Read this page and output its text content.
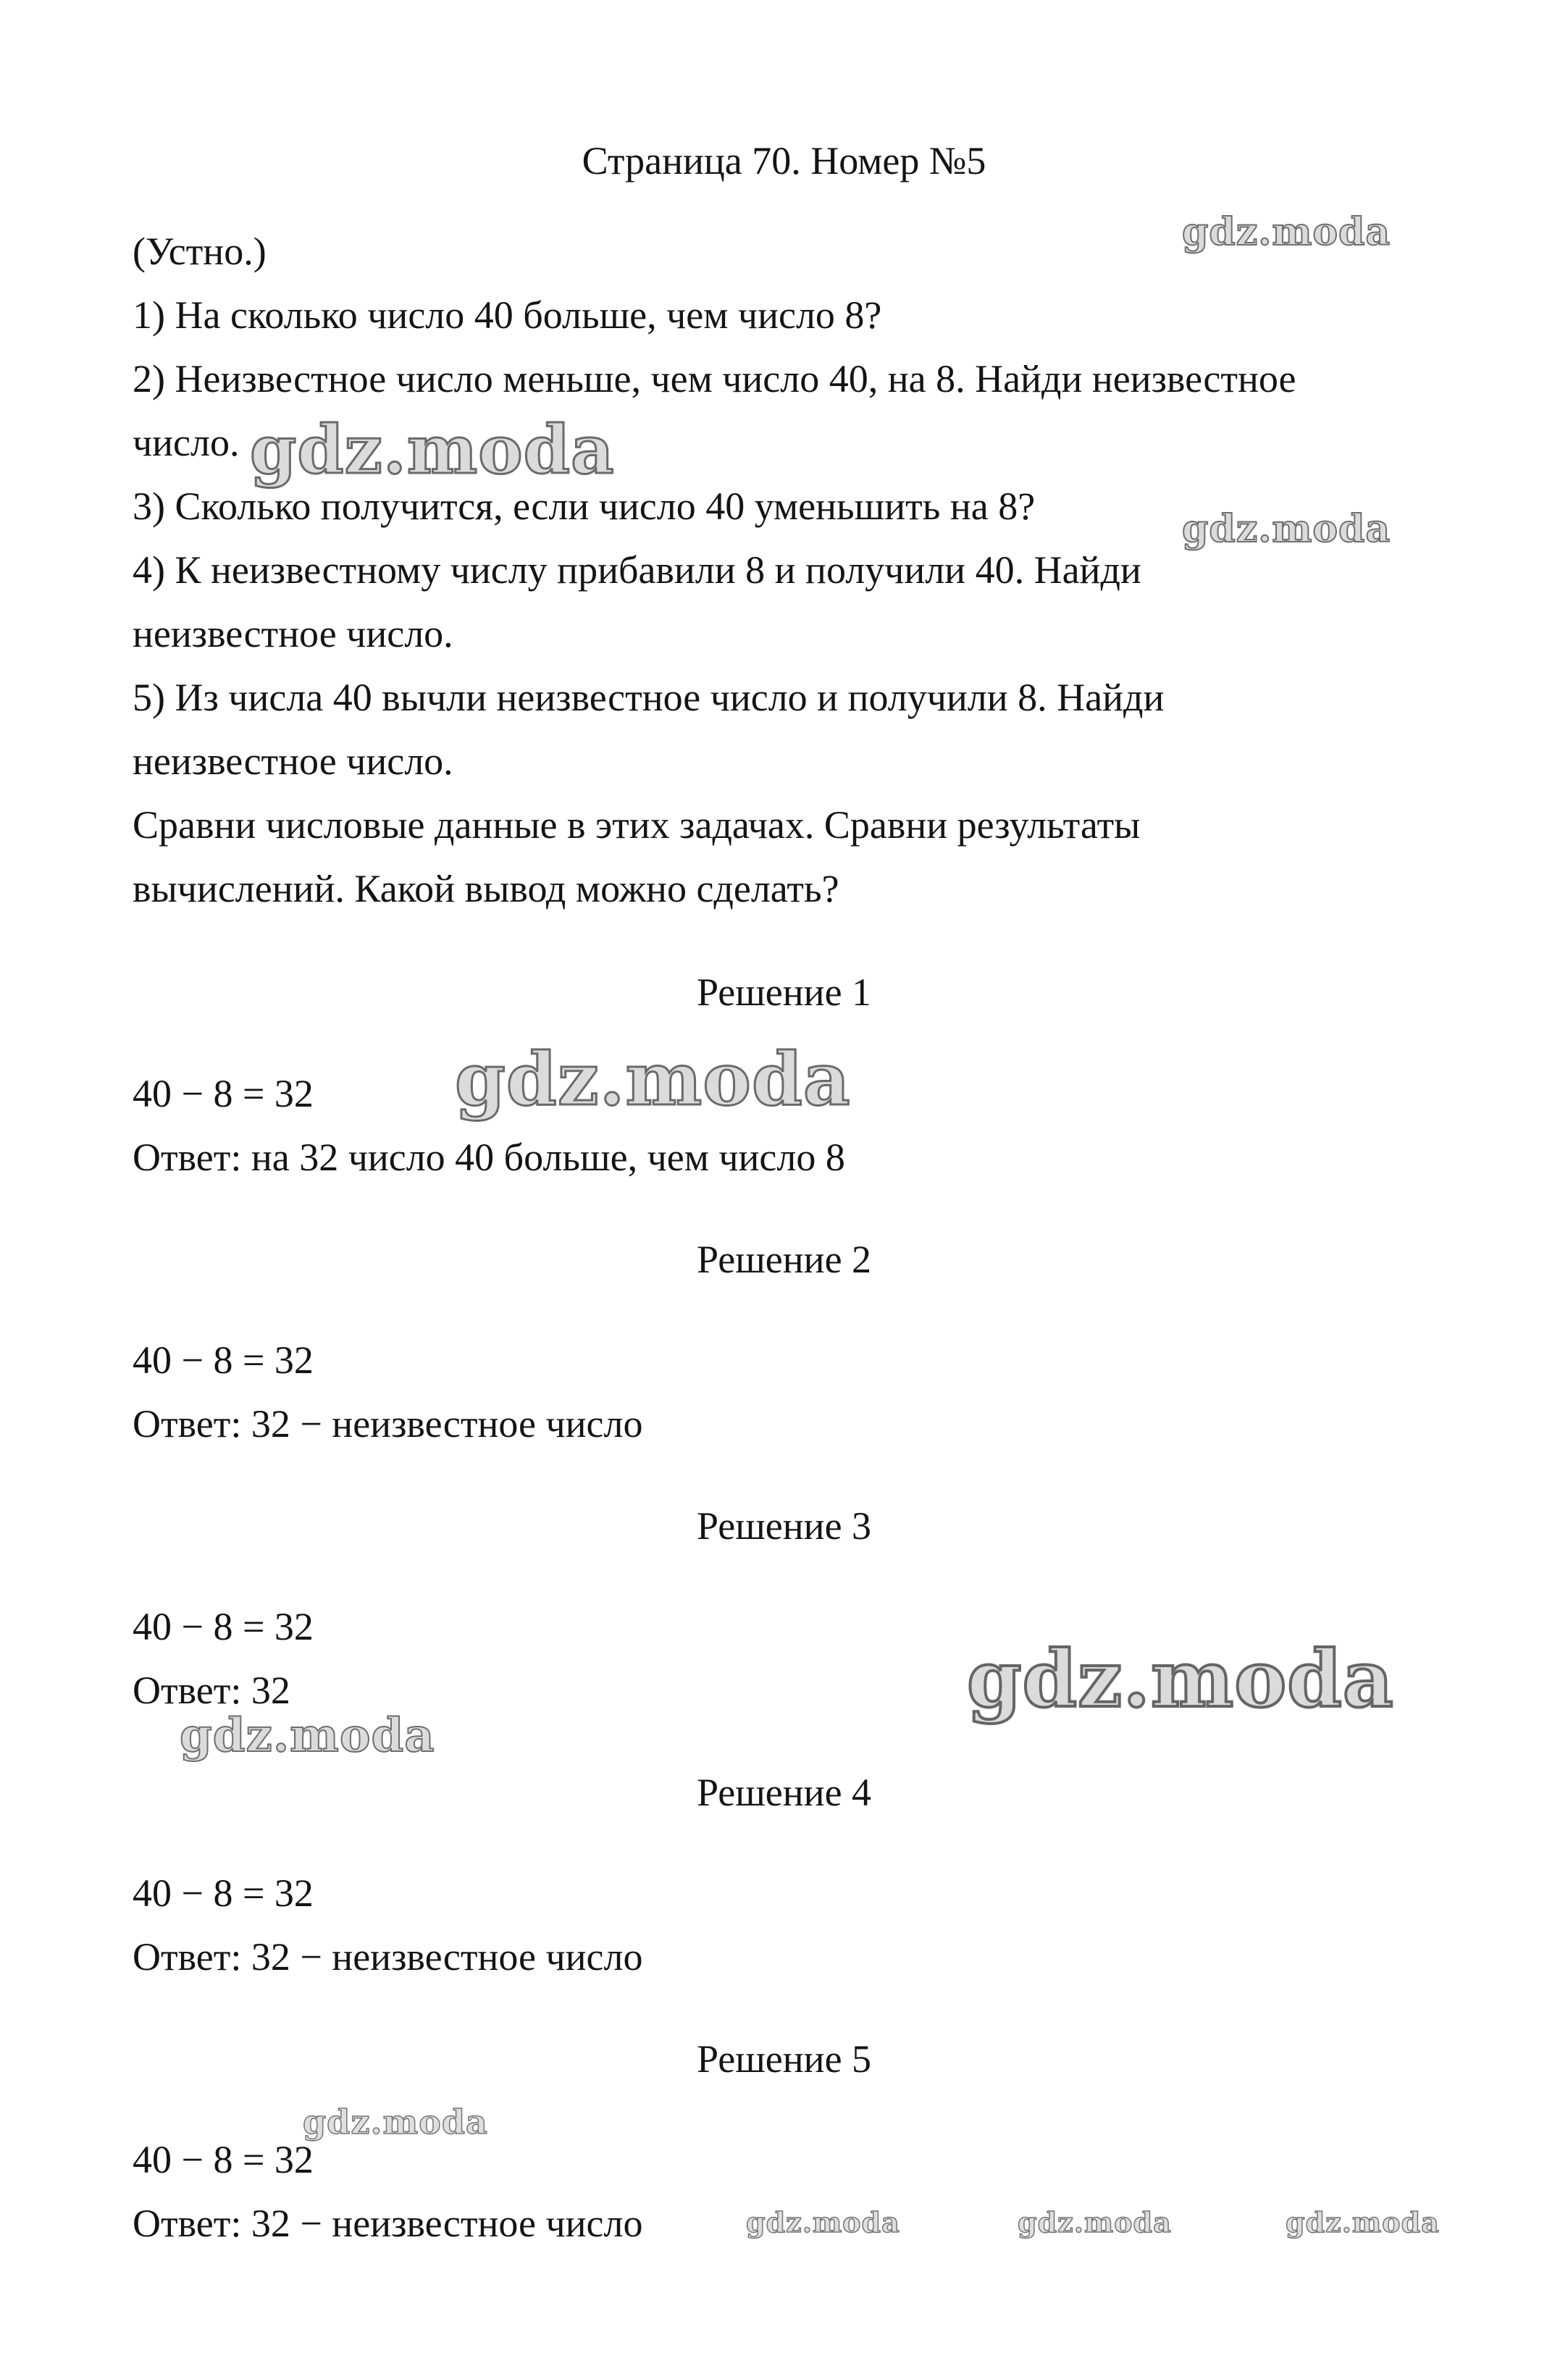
Страница 70. Номер №5
(Устно.)
1) На сколько число 40 больше, чем число 8?
2) Неизвестное число меньше, чем число 40, на 8. Найди неизвестное
число.
3) Сколько получится, если число 40 уменьшить на 8?
4) К неизвестному числу прибавили 8 и получили 40. Найди
неизвестное число.
5) Из числа 40 вычли неизвестное число и получили 8. Найди
неизвестное число.
Сравни числовые данные в этих задачах. Сравни результаты
вычислений. Какой вывод можно сделать?
Решение 1
40 − 8 = 32
Ответ: на 32 число 40 больше, чем число 8
Решение 2
40 − 8 = 32
Ответ: 32 − неизвестное число
Решение 3
40 − 8 = 32
Ответ: 32
Решение 4
40 − 8 = 32
Ответ: 32 − неизвестное число
Решение 5
40 − 8 = 32
Ответ: 32 − неизвестное число
gdz.moda
gdz.moda
gdz.moda
gdz.moda
gdz.moda
gdz.moda
gdz.moda
gdz.moda	gdz.moda	gdz.moda
